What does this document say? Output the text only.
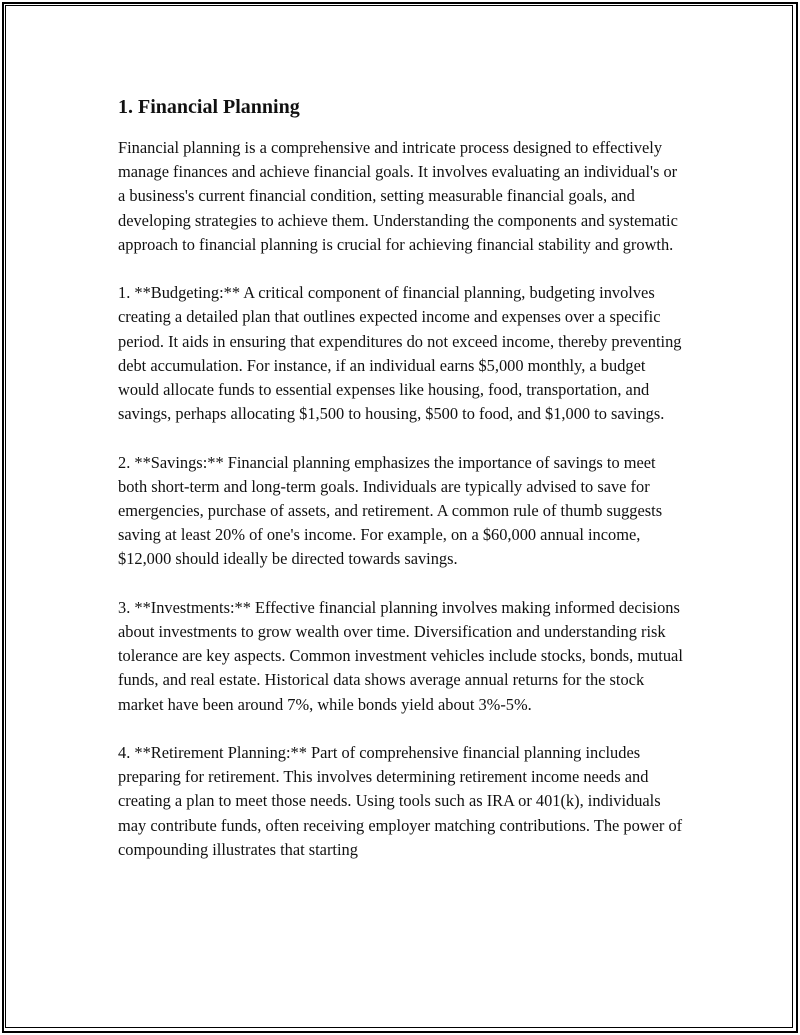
1. Financial Planning

Financial planning is a comprehensive and intricate process designed to effectively manage finances and achieve financial goals. It involves evaluating an individual's or a business's current financial condition, setting measurable financial goals, and developing strategies to achieve them. Understanding the components and systematic approach to financial planning is crucial for achieving financial stability and growth.

1. **Budgeting:** A critical component of financial planning, budgeting involves creating a detailed plan that outlines expected income and expenses over a specific period. It aids in ensuring that expenditures do not exceed income, thereby preventing debt accumulation. For instance, if an individual earns $5,000 monthly, a budget would allocate funds to essential expenses like housing, food, transportation, and savings, perhaps allocating $1,500 to housing, $500 to food, and $1,000 to savings.

2. **Savings:** Financial planning emphasizes the importance of savings to meet both short-term and long-term goals. Individuals are typically advised to save for emergencies, purchase of assets, and retirement. A common rule of thumb suggests saving at least 20% of one's income. For example, on a $60,000 annual income, $12,000 should ideally be directed towards savings.

3. **Investments:** Effective financial planning involves making informed decisions about investments to grow wealth over time. Diversification and understanding risk tolerance are key aspects. Common investment vehicles include stocks, bonds, mutual funds, and real estate. Historical data shows average annual returns for the stock market have been around 7%, while bonds yield about 3%-5%.

4. **Retirement Planning:** Part of comprehensive financial planning includes preparing for retirement. This involves determining retirement income needs and creating a plan to meet those needs. Using tools such as IRA or 401(k), individuals may contribute funds, often receiving employer matching contributions. The power of compounding illustrates that starting
